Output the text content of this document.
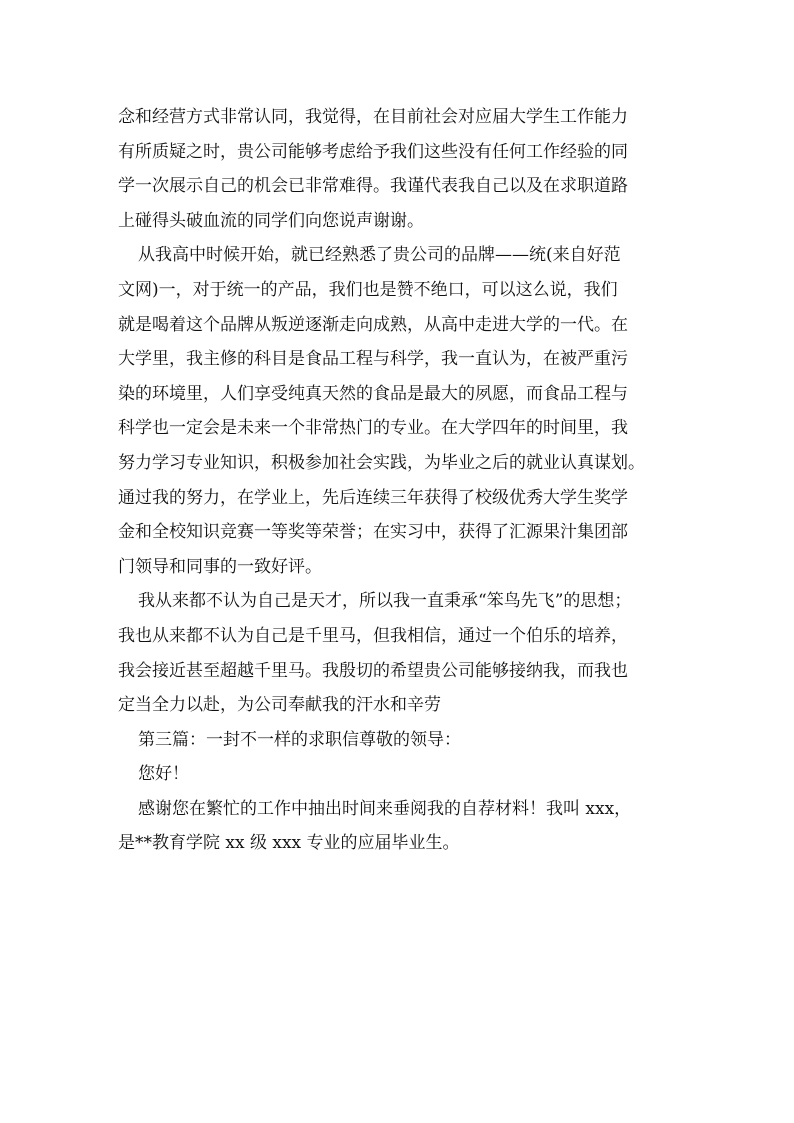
念和经营方式非常认同，我觉得，在目前社会对应届大学生工作能力
有所质疑之时，贵公司能够考虑给予我们这些没有任何工作经验的同
学一次展示自己的机会已非常难得。我谨代表我自己以及在求职道路
上碰得头破血流的同学们向您说声谢谢。
从我高中时候开始，就已经熟悉了贵公司的品牌——统(来自好范
文网)一，对于统一的产品，我们也是赞不绝口，可以这么说，我们
就是喝着这个品牌从叛逆逐渐走向成熟，从高中走进大学的一代。在
大学里，我主修的科目是食品工程与科学，我一直认为，在被严重污
染的环境里，人们享受纯真天然的食品是最大的夙愿，而食品工程与
科学也一定会是未来一个非常热门的专业。在大学四年的时间里，我
努力学习专业知识，积极参加社会实践，为毕业之后的就业认真谋划。
通过我的努力，在学业上，先后连续三年获得了校级优秀大学生奖学
金和全校知识竞赛一等奖等荣誉；在实习中，获得了汇源果汁集团部
门领导和同事的一致好评。
我从来都不认为自己是天才，所以我一直秉承“笨鸟先飞”的思想；
我也从来都不认为自己是千里马，但我相信，通过一个伯乐的培养，
我会接近甚至超越千里马。我殷切的希望贵公司能够接纳我，而我也
定当全力以赴，为公司奉献我的汗水和辛劳
第三篇：一封不一样的求职信尊敬的领导：
您好！
感谢您在繁忙的工作中抽出时间来垂阅我的自荐材料！我叫 xxx，
是**教育学院 xx 级 xxx 专业的应届毕业生。
